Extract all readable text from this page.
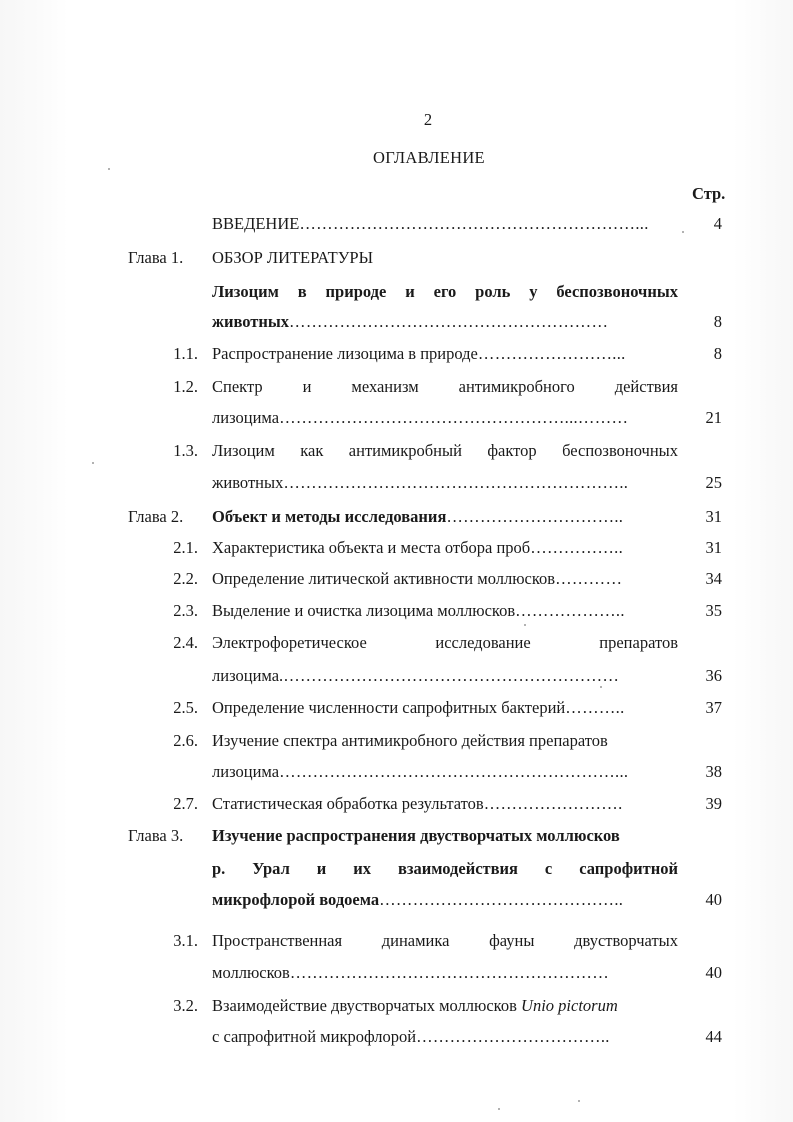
2
ОГЛАВЛЕНИЕ
Стр.
ВВЕДЕНИЕ……………………………………………………...	4
Глава 1.	ОБЗОР ЛИТЕРАТУРЫ
Лизоцим в природе и его роль у беспозвоночных
животных…………………………………………………	8
1.1. Распространение лизоцима в природе……………………...	8
1.2. Спектр и механизм антимикробного действия
лизоцима……………………………………………...………	21
1.3. Лизоцим как антимикробный фактор беспозвоночных
животных……………………………………………………..	25
Глава 2.	Объект и методы исследования…………………………..	31
2.1. Характеристика объекта и места отбора проб……………..	31
2.2. Определение литической активности моллюсков…………	34
2.3. Выделение и очистка лизоцима моллюсков………………..	35
2.4. Электрофоретическое исследование препаратов
лизоцима.……………………………………………………	36
2.5. Определение численности сапрофитных бактерий………..	37
2.6. Изучение спектра антимикробного действия препаратов
лизоцима……………………………………………………...	38
2.7. Статистическая обработка результатов…………………….	39
Глава 3.	Изучение распространения двустворчатых моллюсков
р. Урал и их взаимодействия с сапрофитной
микрофлорой водоема……………………………………..	40
3.1. Пространственная динамика фауны двустворчатых
моллюсков…………………………………………………	40
3.2. Взаимодействие двустворчатых моллюсков Unio pictorum
с сапрофитной микрофлорой……………………………..	44
